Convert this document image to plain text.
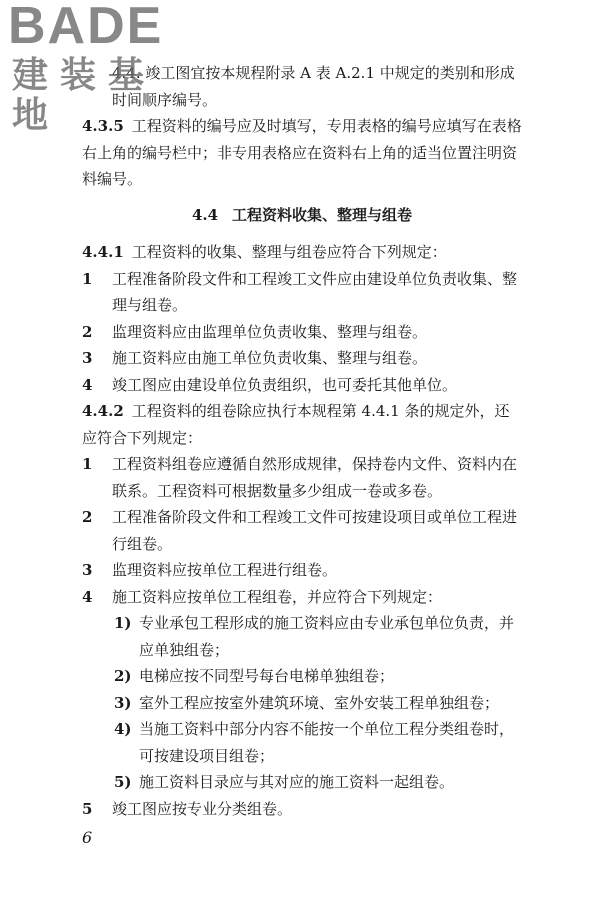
BADE
建装基地

4.4. 竣工图宜按本规程附录 A 表 A.2.1 中规定的类别和形成时间顺序编号。

4.3.5 工程资料的编号应及时填写，专用表格的编号应填写在表格右上角的编号栏中；非专用表格应在资料右上角的适当位置注明资料编号。

4.4 工程资料收集、整理与组卷

4.4.1 工程资料的收集、整理与组卷应符合下列规定：

1 工程准备阶段文件和工程竣工文件应由建设单位负责收集、整理与组卷。

2 监理资料应由监理单位负责收集、整理与组卷。

3 施工资料应由施工单位负责收集、整理与组卷。

4 竣工图应由建设单位负责组织，也可委托其他单位。

4.4.2 工程资料的组卷除应执行本规程第 4.4.1 条的规定外，还应符合下列规定：

1 工程资料组卷应遵循自然形成规律，保持卷内文件、资料内在联系。工程资料可根据数量多少组成一卷或多卷。

2 工程准备阶段文件和工程竣工文件可按建设项目或单位工程进行组卷。

3 监理资料应按单位工程进行组卷。

4 施工资料应按单位工程组卷，并应符合下列规定：

1) 专业承包工程形成的施工资料应由专业承包单位负责，并应单独组卷；

2) 电梯应按不同型号每台电梯单独组卷；

3) 室外工程应按室外建筑环境、室外安装工程单独组卷；

4) 当施工资料中部分内容不能按一个单位工程分类组卷时，可按建设项目组卷；

5) 施工资料目录应与其对应的施工资料一起组卷。

5 竣工图应按专业分类组卷。

6
